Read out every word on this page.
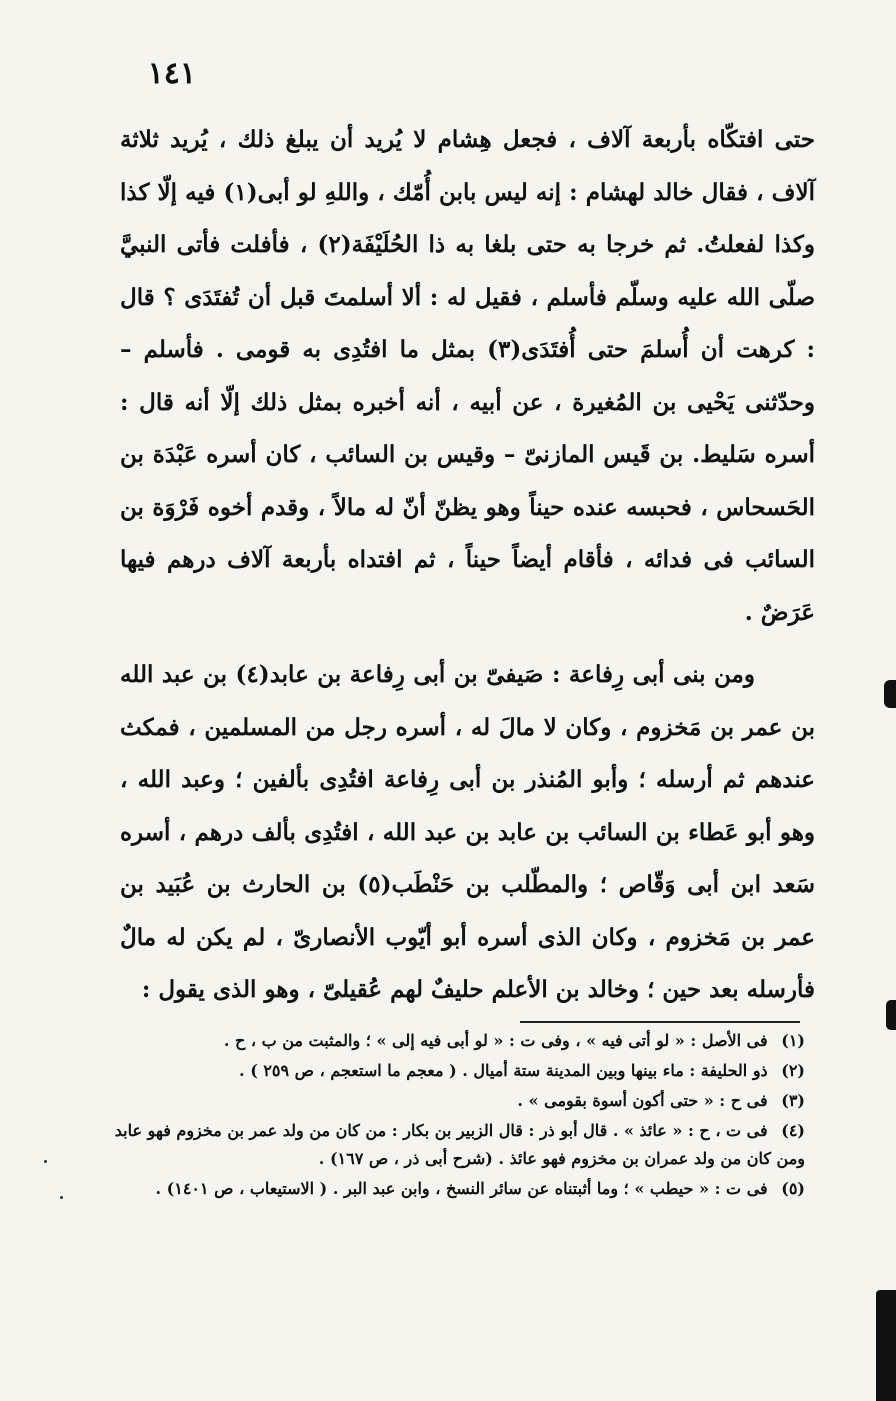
١٤١

حتى افتكّاه بأربعة آلاف ، فجعل هِشام لا يُريد أن يبلغ ذلك ، يُريد ثلاثة آلاف ، فقال خالد لهشام : إنه ليس بابن أُمّك ، واللهِ لو أبى(١) فيه إلّا كذا وكذا لفعلتُ. ثم خرجا به حتى بلغا به ذا الحُلَيْفَة(٢) ، فأفلت فأتى النبيَّ صلّى الله عليه وسلّم فأسلم ، فقيل له : ألا أسلمتَ قبل أن تُفتَدَى ؟ قال : كرهت أن أُسلمَ حتى أُفتَدَى(٣) بمثل ما افتُدِى به قومى . فأسلم – وحدّثنى يَحْيى بن المُغيرة ، عن أبيه ، أنه أخبره بمثل ذلك إلّا أنه قال : أسره سَليط. بن قَيس المازنىّ – وقيس بن السائب ، كان أسره عَبْدَة بن الحَسحاس ، فحبسه عنده حيناً وهو يظنّ أنّ له مالاً ، وقدم أخوه فَرْوَة بن السائب فى فدائه ، فأقام أيضاً حيناً ، ثم افتداه بأربعة آلاف درهم فيها عَرَضٌ .

ومن بنى أبى رِفاعة : صَيفىّ بن أبى رِفاعة بن عابد(٤) بن عبد الله بن عمر بن مَخزوم ، وكان لا مالَ له ، أسره رجل من المسلمين ، فمكث عندهم ثم أرسله ؛ وأبو المُنذر بن أبى رِفاعة افتُدِى بألفين ؛ وعبد الله ، وهو أبو عَطاء بن السائب بن عابد بن عبد الله ، افتُدِى بألف درهم ، أسره سَعد ابن أبى وَقّاص ؛ والمطّلب بن حَنْطَب(٥) بن الحارث بن عُبَيد بن عمر بن مَخزوم ، وكان الذى أسره أبو أيّوب الأنصارىّ ، لم يكن له مالٌ فأرسله بعد حين ؛ وخالد بن الأعلم حليفٌ لهم عُقيلىّ ، وهو الذى يقول :

(١) فى الأصل : « لو أتى فيه » ، وفى ت : « لو أبى فيه إلى » ؛ والمثبت من ب ، ح .

(٢) ذو الحليفة : ماء بينها وبين المدينة ستة أميال . ( معجم ما استعجم ، ص ٢٥٩ ) .

(٣) فى ح : « حتى أكون أسوة بقومى » .

(٤) فى ت ، ح : « عائذ » . قال أبو ذر : قال الزبير بن بكار : من كان من ولد عمر بن مخزوم فهو عابد ومن كان من ولد عمران بن مخزوم فهو عائذ . (شرح أبى ذر ، ص ١٦٧) .

(٥) فى ت : « حيطب » ؛ وما أثبتناه عن سائر النسخ ، وابن عبد البر . ( الاستيعاب ، ص ١٤٠١) .
